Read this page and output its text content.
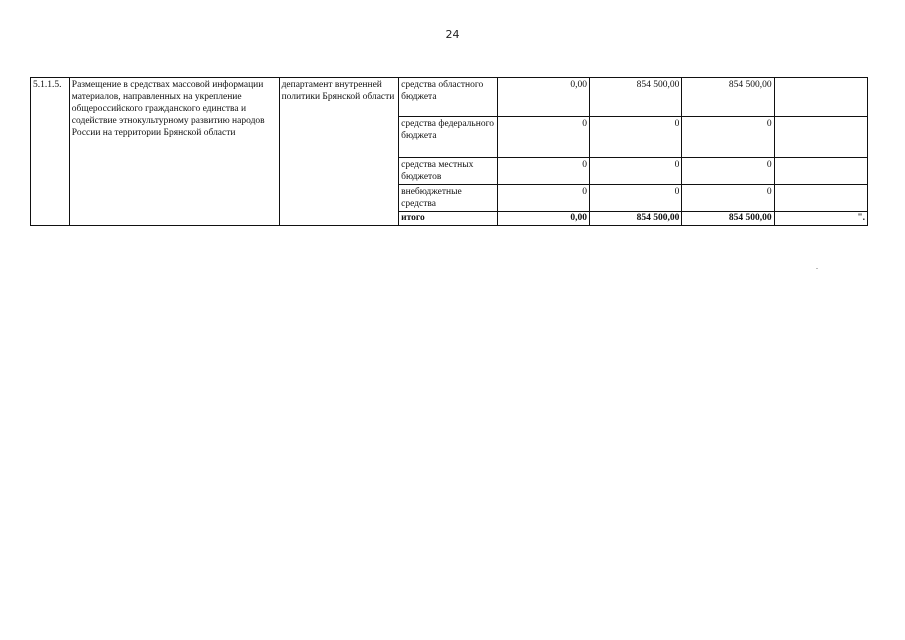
24
5.1.1.5.	Размещение в средствах массовой информации материалов, направленных на укрепление общероссийского гражданского единства и содействие этнокультурному развитию народов России на территории Брянской области	департамент внутренней политики Брянской области	средства областного бюджета	0,00	854 500,00	854 500,00	
			средства федерального бюджета	0	0	0	
			средства местных бюджетов	0	0	0	
			внебюджетные средства	0	0	0	
			итого	0,00	854 500,00	854 500,00	".
